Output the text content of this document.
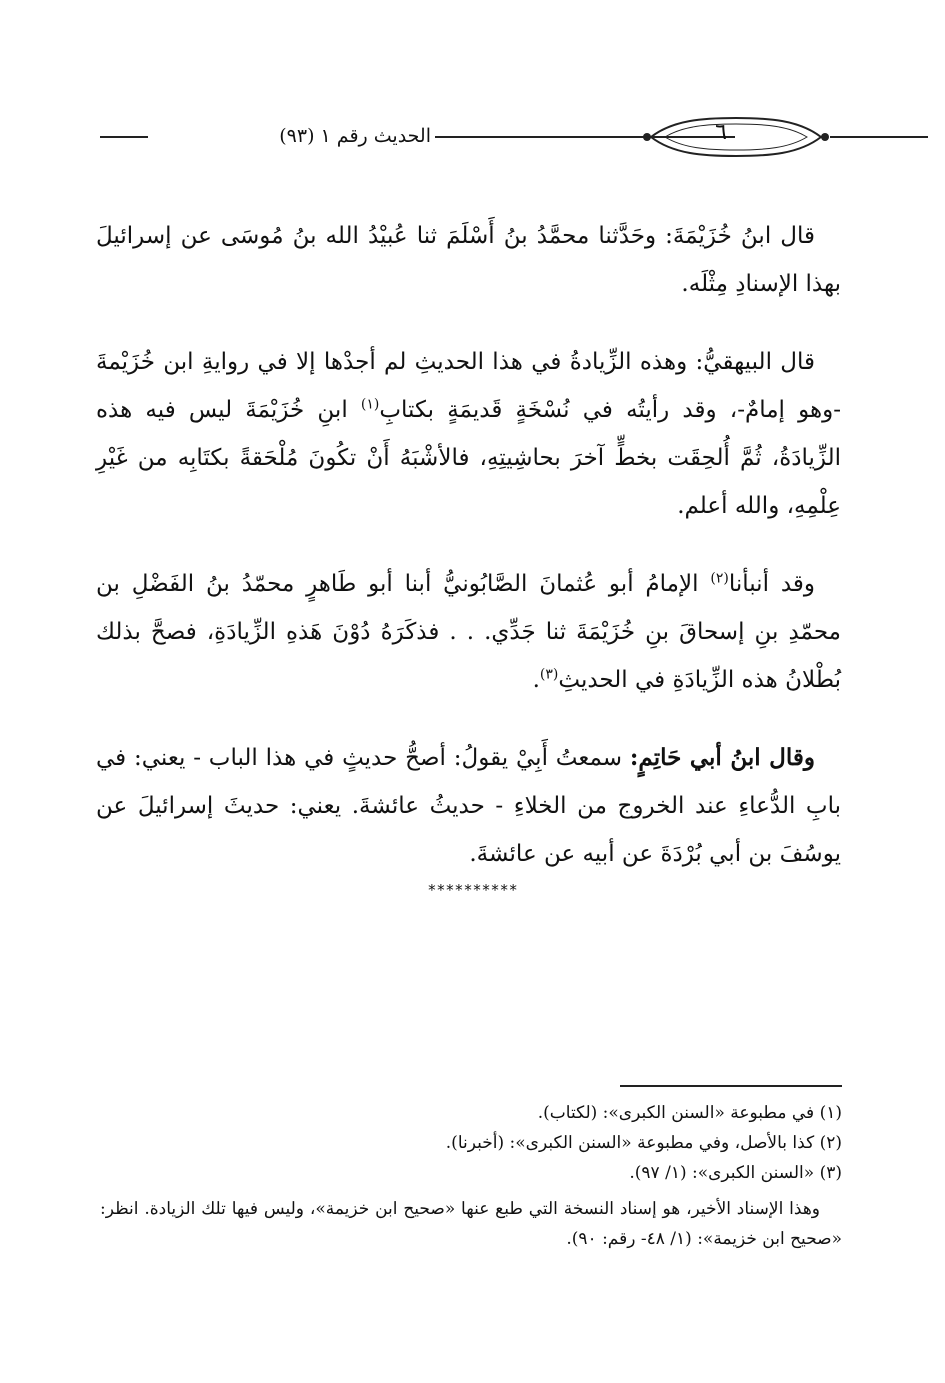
الحديث رقم ١ (٩٣)	٦

قال ابنُ خُزَيْمَةَ: وحَدَّثنا محمَّدُ بنُ أَسْلَمَ ثنا عُبيْدُ الله بنُ مُوسَى عن إسرائيلَ بهذا الإسنادِ مِثْلَه.

قال البيهقيُّ: وهذه الزِّيادةُ في هذا الحديثِ لم أجدْها إلا في روايةِ ابن خُزَيْمةَ -وهو إمامٌ-، وقد رأيتُه في نُسْخَةٍ قَديمَةٍ بكتابِ$^{(١)}$ ابنِ خُزَيْمَةَ ليس فيه هذه الزِّيادَةُ، ثُمَّ أُلحِقَت بخطٍّ آخرَ بحاشِيتِهِ، فالأشْبَهُ أَنْ تكُونَ مُلْحَقةً بكتَابِه من غَيْرِ عِلْمِهِ، والله أعلم.

وقد أنبأنا$^{(٢)}$ الإمامُ أبو عُثمانَ الصَّابُونيُّ أبنا أبو طَاهرٍ محمّدُ بنُ الفَضْلِ بن محمّدِ بنِ إسحاقَ بنِ خُزَيْمَةَ ثنا جَدِّي. . . فذكَرَهُ دُوْنَ هَذهِ الزِّيادَةِ، فصحَّ بذلك بُطْلانُ هذه الزِّيادَةِ في الحديثِ$^{(٣)}$.

وقال ابنُ أبي حَاتِمٍ: سمعتُ أَبِيْ يقولُ: أصحُّ حديثٍ في هذا الباب - يعني: في بابِ الدُّعاءِ عند الخروج من الخلاءِ - حديثُ عائشةَ. يعني: حديثَ إسرائيلَ عن يوسُفَ بن أبي بُرْدَةَ عن أبيه عن عائشةَ.

**********

(١) في مطبوعة «السنن الكبرى»: (لكتاب).

(٢) كذا بالأصل، وفي مطبوعة «السنن الكبرى»: (أخبرنا).

(٣) «السنن الكبرى»: (١/ ٩٧).

وهذا الإسناد الأخير، هو إسناد النسخة التي طبع عنها «صحيح ابن خزيمة»، وليس فيها تلك الزيادة. انظر: «صحيح ابن خزيمة»: (١/ ٤٨- رقم: ٩٠).
